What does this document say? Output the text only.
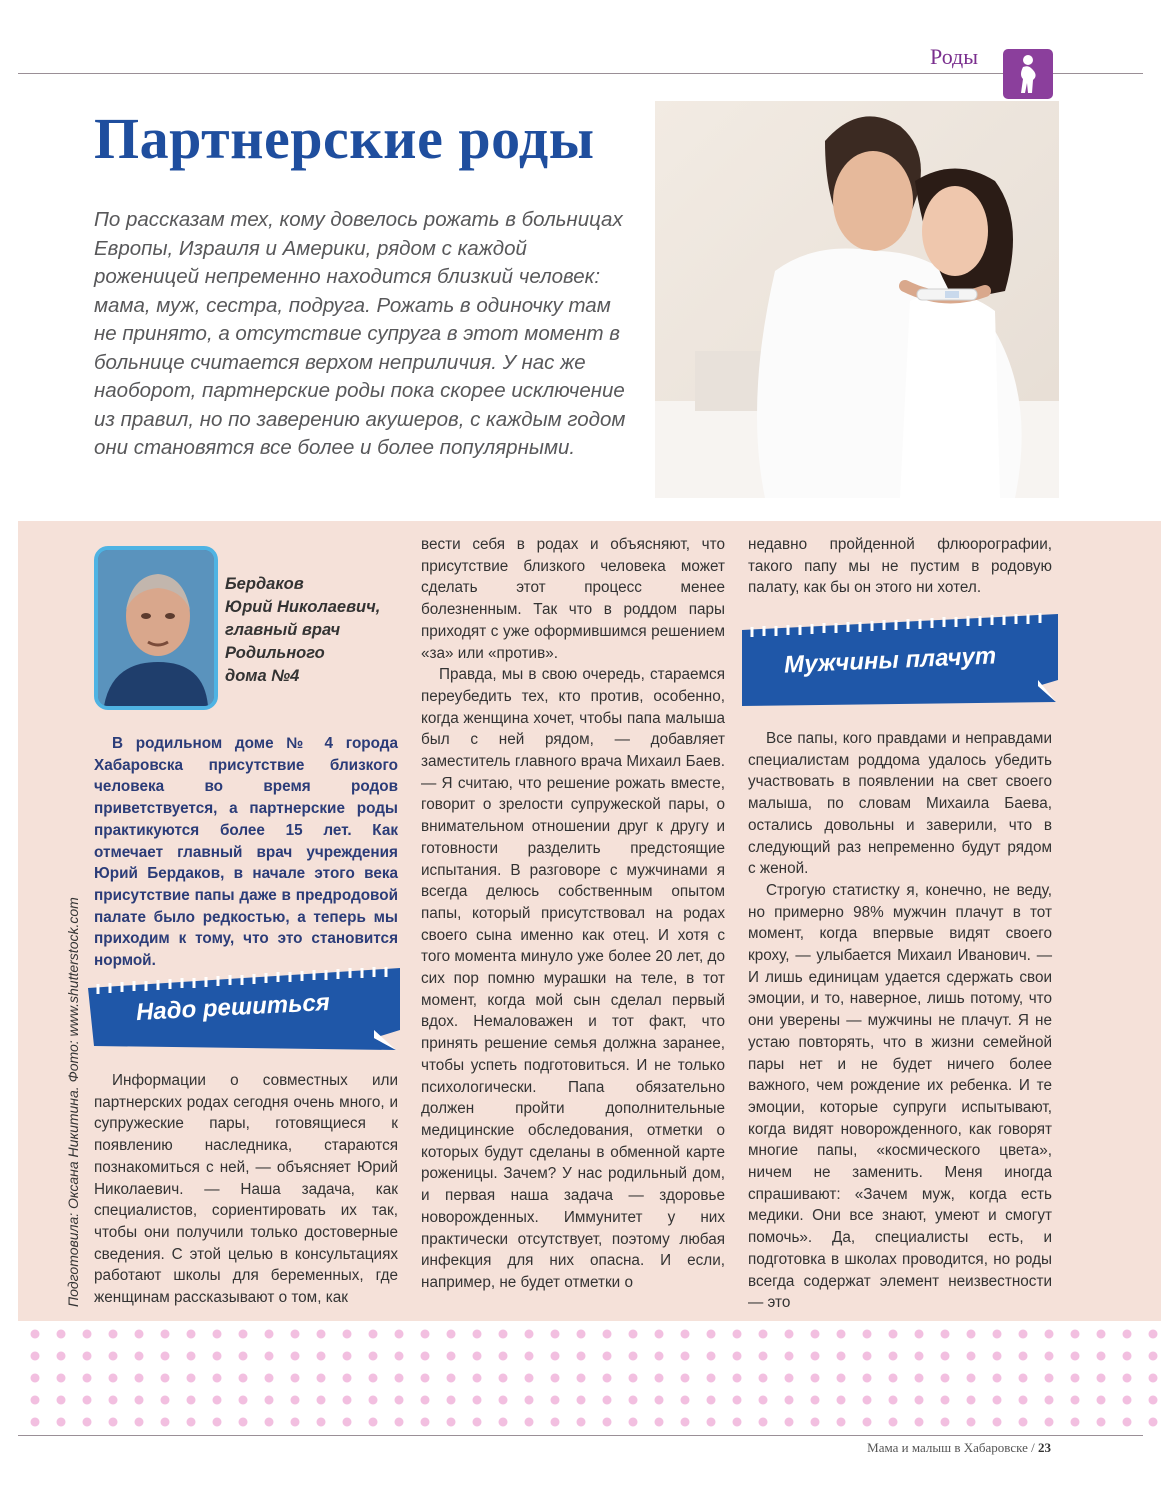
Роды
Партнерские роды

По рассказам тех, кому довелось рожать в больницах Европы, Израиля и Америки, рядом с каждой роженицей непременно находится близкий человек: мама, муж, сестра, подруга. Рожать в одиночку там не принято, а отсутствие супруга в этот момент в больнице считается верхом неприличия. У нас же наоборот, партнерские роды пока скорее исключение из правил, но по заверению акушеров, с каждым годом они становятся все более и более популярными.

Бердаков
Юрий Николаевич,
главный врач
Родильного
дома №4

В родильном доме № 4 города Хабаровска присутствие близкого человека во время родов приветствуется, а партнерские роды практикуются более 15 лет. Как отмечает главный врач учреждения Юрий Бердаков, в начале этого века присутствие папы даже в предродовой палате было редкостью, а теперь мы приходим к тому, что это становится нормой.

Надо решиться

Информации о совместных или партнерских родах сегодня очень много, и супружеские пары, готовящиеся к появлению наследника, стараются познакомиться с ней, — объясняет Юрий Николаевич. — Наша задача, как специалистов, сориентировать их так, чтобы они получили только достоверные сведения. С этой целью в консультациях работают школы для беременных, где женщинам рассказывают о том, как

вести себя в родах и объясняют, что присутствие близкого человека может сделать этот процесс менее болезненным. Так что в роддом пары приходят с уже оформившимся решением «за» или «против».

Правда, мы в свою очередь, стараемся переубедить тех, кто против, особенно, когда женщина хочет, чтобы папа малыша был с ней рядом, — добавляет заместитель главного врача Михаил Баев. — Я считаю, что решение рожать вместе, говорит о зрелости супружеской пары, о внимательном отношении друг к другу и готовности разделить предстоящие испытания. В разговоре с мужчинами я всегда делюсь собственным опытом папы, который присутствовал на родах своего сына именно как отец. И хотя с того момента минуло уже более 20 лет, до сих пор помню мурашки на теле, в тот момент, когда мой сын сделал первый вдох. Немаловажен и тот факт, что принять решение семья должна заранее, чтобы успеть подготовиться. И не только психологически. Папа обязательно должен пройти дополнительные медицинские обследования, отметки о которых будут сделаны в обменной карте роженицы. Зачем? У нас родильный дом, и первая наша задача — здоровье новорожденных. Иммунитет у них практически отсутствует, поэтому любая инфекция для них опасна. И если, например, не будет отметки о

недавно пройденной флюорографии, такого папу мы не пустим в родовую палату, как бы он этого ни хотел.

Мужчины плачут

Все папы, кого правдами и неправдами специалистам роддома удалось убедить участвовать в появлении на свет своего малыша, по словам Михаила Баева, остались довольны и заверили, что в следующий раз непременно будут рядом с женой.

Строгую статистку я, конечно, не веду, но примерно 98% мужчин плачут в тот момент, когда впервые видят своего кроху, — улыбается Михаил Иванович. — И лишь единицам удается сдержать свои эмоции, и то, наверное, лишь потому, что они уверены — мужчины не плачут. Я не устаю повторять, что в жизни семейной пары нет и не будет ничего более важного, чем рождение их ребенка. И те эмоции, которые супруги испытывают, когда видят новорожденного, как говорят многие папы, «космического цвета», ничем не заменить. Меня иногда спрашивают: «Зачем муж, когда есть медики. Они все знают, умеют и смогут помочь». Да, специалисты есть, и подготовка в школах проводится, но роды всегда содержат элемент неизвестности — это

Подготовила: Оксана Никитина. Фото: www.shutterstock.com
Мама и малыш в Хабаровске / 23
